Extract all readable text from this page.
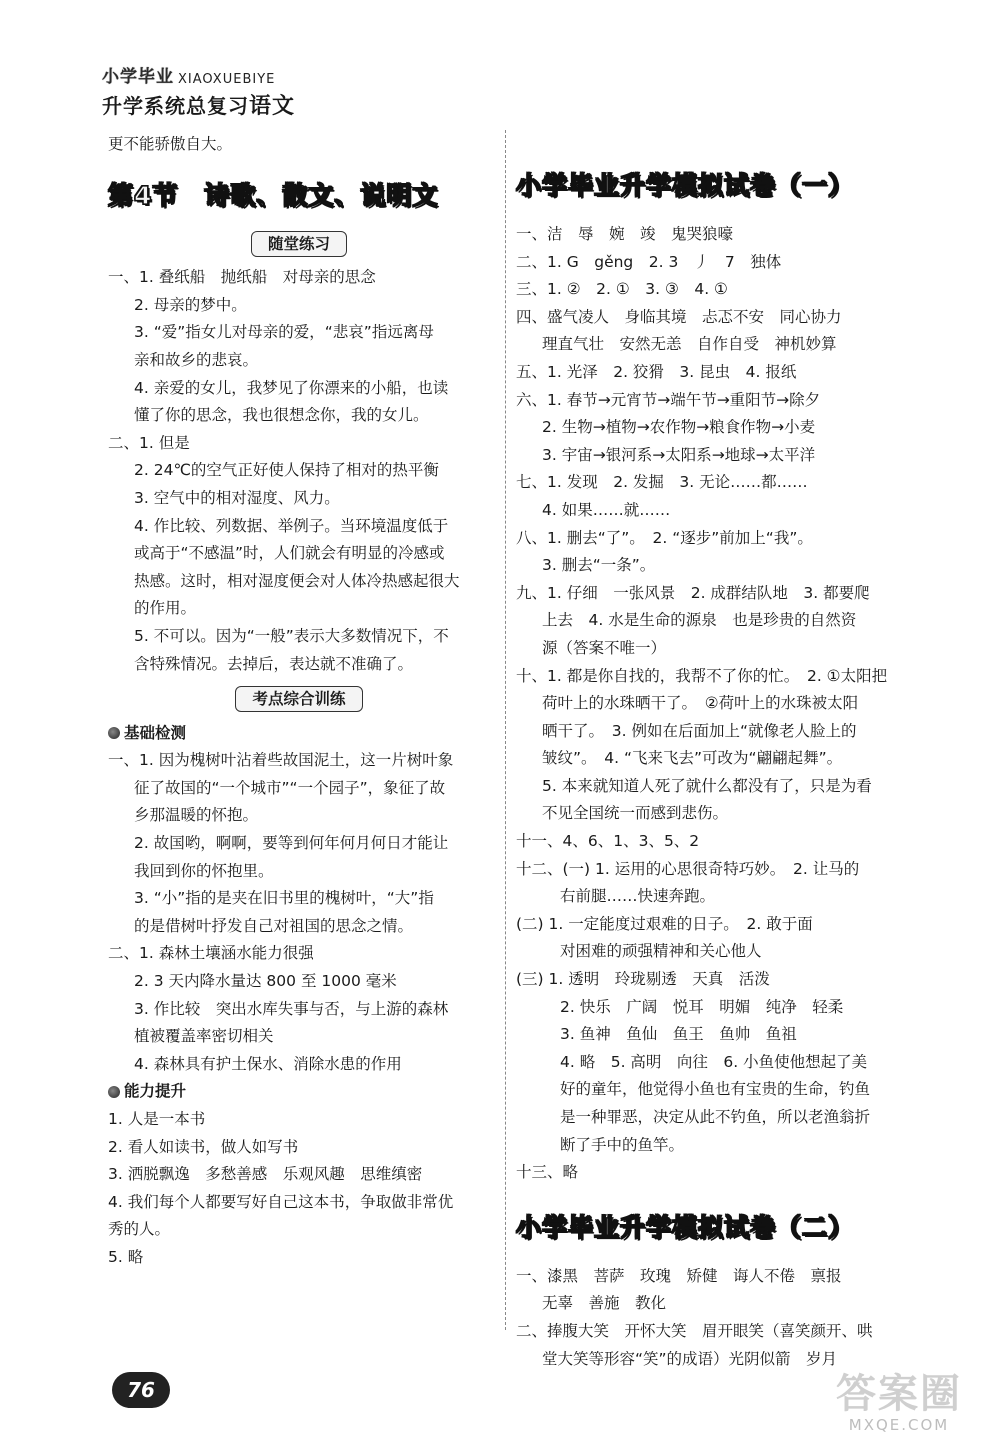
小学毕业 XIAOXUEBIYE
升学系统总复习语文
更不能骄傲自大。
第4节　诗歌、散文、说明文
随堂练习
一、1. 叠纸船　抛纸船　对母亲的思念
2. 母亲的梦中。
3. “爱”指女儿对母亲的爱，“悲哀”指远离母
亲和故乡的悲哀。
4. 亲爱的女儿，我梦见了你漂来的小船，也读
懂了你的思念，我也很想念你，我的女儿。
二、1. 但是
2. 24℃的空气正好使人保持了相对的热平衡
3. 空气中的相对湿度、风力。
4. 作比较、列数据、举例子。当环境温度低于
或高于“不感温”时，人们就会有明显的冷感或
热感。这时，相对湿度便会对人体冷热感起很大
的作用。
5. 不可以。因为“一般”表示大多数情况下，不
含特殊情况。去掉后，表达就不准确了。
考点综合训练
基础检测
一、1. 因为槐树叶沾着些故国泥土，这一片树叶象
征了故国的“一个城市”“一个园子”，象征了故
乡那温暖的怀抱。
2. 故国哟，啊啊，要等到何年何月何日才能让
我回到你的怀抱里。
3. “小”指的是夹在旧书里的槐树叶，“大”指
的是借树叶抒发自己对祖国的思念之情。
二、1. 森林土壤涵水能力很强
2. 3 天内降水量达 800 至 1000 毫米
3. 作比较　突出水库失事与否，与上游的森林
植被覆盖率密切相关
4. 森林具有护土保水、消除水患的作用
能力提升
1. 人是一本书
2. 看人如读书，做人如写书
3. 洒脱飘逸　多愁善感　乐观风趣　思维缜密
4. 我们每个人都要写好自己这本书，争取做非常优
秀的人。
5. 略
小学毕业升学模拟试卷（一）
一、洁　辱　婉　竣　鬼哭狼嚎
二、1. G　gěng　2. 3　丿　7　独体
三、1. ②　2. ①　3. ③　4. ①
四、盛气凌人　身临其境　忐忑不安　同心协力
理直气壮　安然无恙　自作自受　神机妙算
五、1. 光泽　2. 狡猾　3. 昆虫　4. 报纸
六、1. 春节→元宵节→端午节→重阳节→除夕
2. 生物→植物→农作物→粮食作物→小麦
3. 宇宙→银河系→太阳系→地球→太平洋
七、1. 发现　2. 发掘　3. 无论……都……
4. 如果……就……
八、1. 删去“了”。　2. “逐步”前加上“我”。
3. 删去“一条”。
九、1. 仔细　一张风景　2. 成群结队地　3. 都要爬
上去　4. 水是生命的源泉　也是珍贵的自然资
源（答案不唯一）
十、1. 都是你自找的，我帮不了你的忙。　2. ①太阳把
荷叶上的水珠晒干了。　②荷叶上的水珠被太阳
晒干了。　3. 例如在后面加上“就像老人脸上的
皱纹”。　4. “飞来飞去”可改为“翩翩起舞”。
5. 本来就知道人死了就什么都没有了，只是为看
不见全国统一而感到悲伤。
十一、4、6、1、3、5、2
十二、(一) 1. 运用的心思很奇特巧妙。　2. 让马的
右前腿……快速奔跑。
(二) 1. 一定能度过艰难的日子。　2. 敢于面
对困难的顽强精神和关心他人
(三) 1. 透明　玲珑剔透　天真　活泼
2. 快乐　广阔　悦耳　明媚　纯净　轻柔
3. 鱼神　鱼仙　鱼王　鱼帅　鱼祖
4. 略　5. 高明　向往　6. 小鱼使他想起了美
好的童年，他觉得小鱼也有宝贵的生命，钓鱼
是一种罪恶，决定从此不钓鱼，所以老渔翁折
断了手中的鱼竿。
十三、略
小学毕业升学模拟试卷（二）
一、漆黑　菩萨　玫瑰　矫健　诲人不倦　禀报
无辜　善施　教化
二、捧腹大笑　开怀大笑　眉开眼笑（喜笑颜开、哄
堂大笑等形容“笑”的成语）光阴似箭　岁月
76	答案圈
MXQE.COM
